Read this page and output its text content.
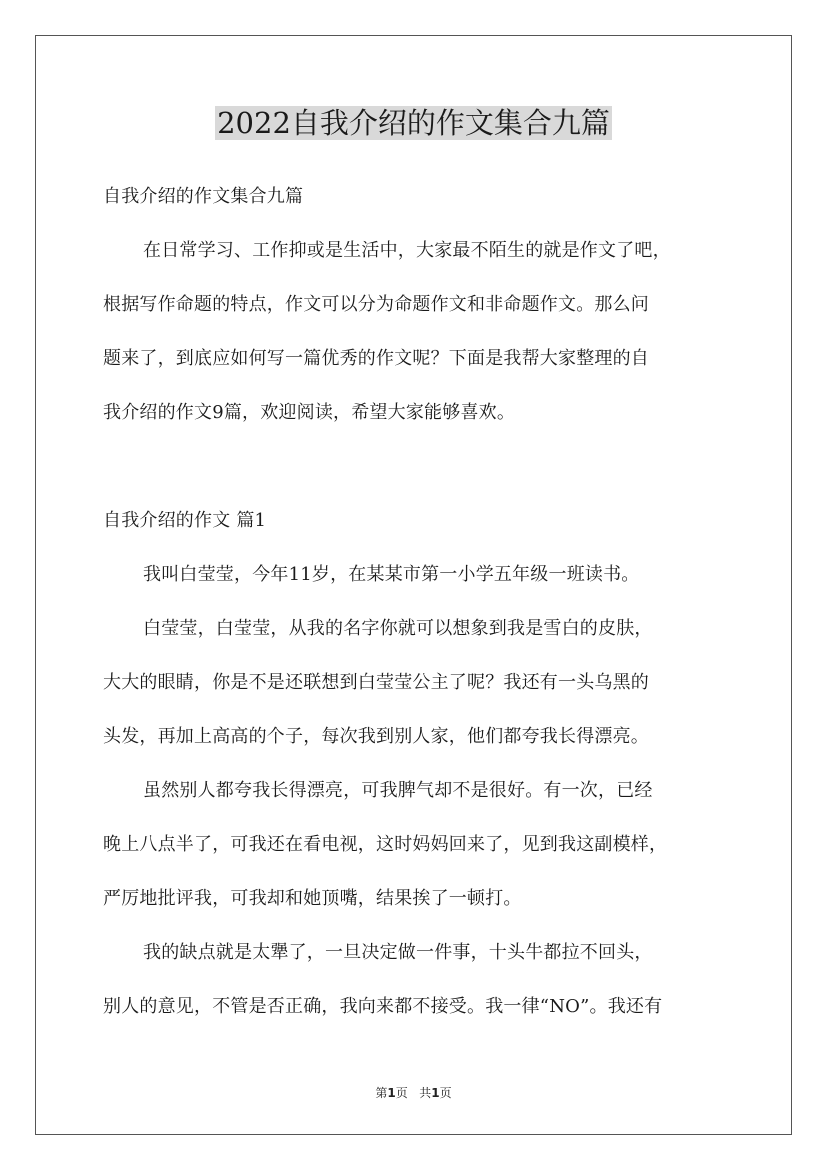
2022自我介绍的作文集合九篇

自我介绍的作文集合九篇

在日常学习、工作抑或是生活中，大家最不陌生的就是作文了吧，

根据写作命题的特点，作文可以分为命题作文和非命题作文。那么问

题来了，到底应如何写一篇优秀的作文呢？下面是我帮大家整理的自

我介绍的作文9篇，欢迎阅读，希望大家能够喜欢。

自我介绍的作文 篇1

我叫白莹莹，今年11岁，在某某市第一小学五年级一班读书。

白莹莹，白莹莹，从我的名字你就可以想象到我是雪白的皮肤，

大大的眼睛，你是不是还联想到白莹莹公主了呢？我还有一头乌黑的

头发，再加上高高的个子，每次我到别人家，他们都夸我长得漂亮。

虽然别人都夸我长得漂亮，可我脾气却不是很好。有一次，已经

晚上八点半了，可我还在看电视，这时妈妈回来了，见到我这副模样，

严厉地批评我，可我却和她顶嘴，结果挨了一顿打。

我的缺点就是太犟了，一旦决定做一件事，十头牛都拉不回头，

别人的意见，不管是否正确，我向来都不接受。我一律“NO”。我还有

第1页 共1页
